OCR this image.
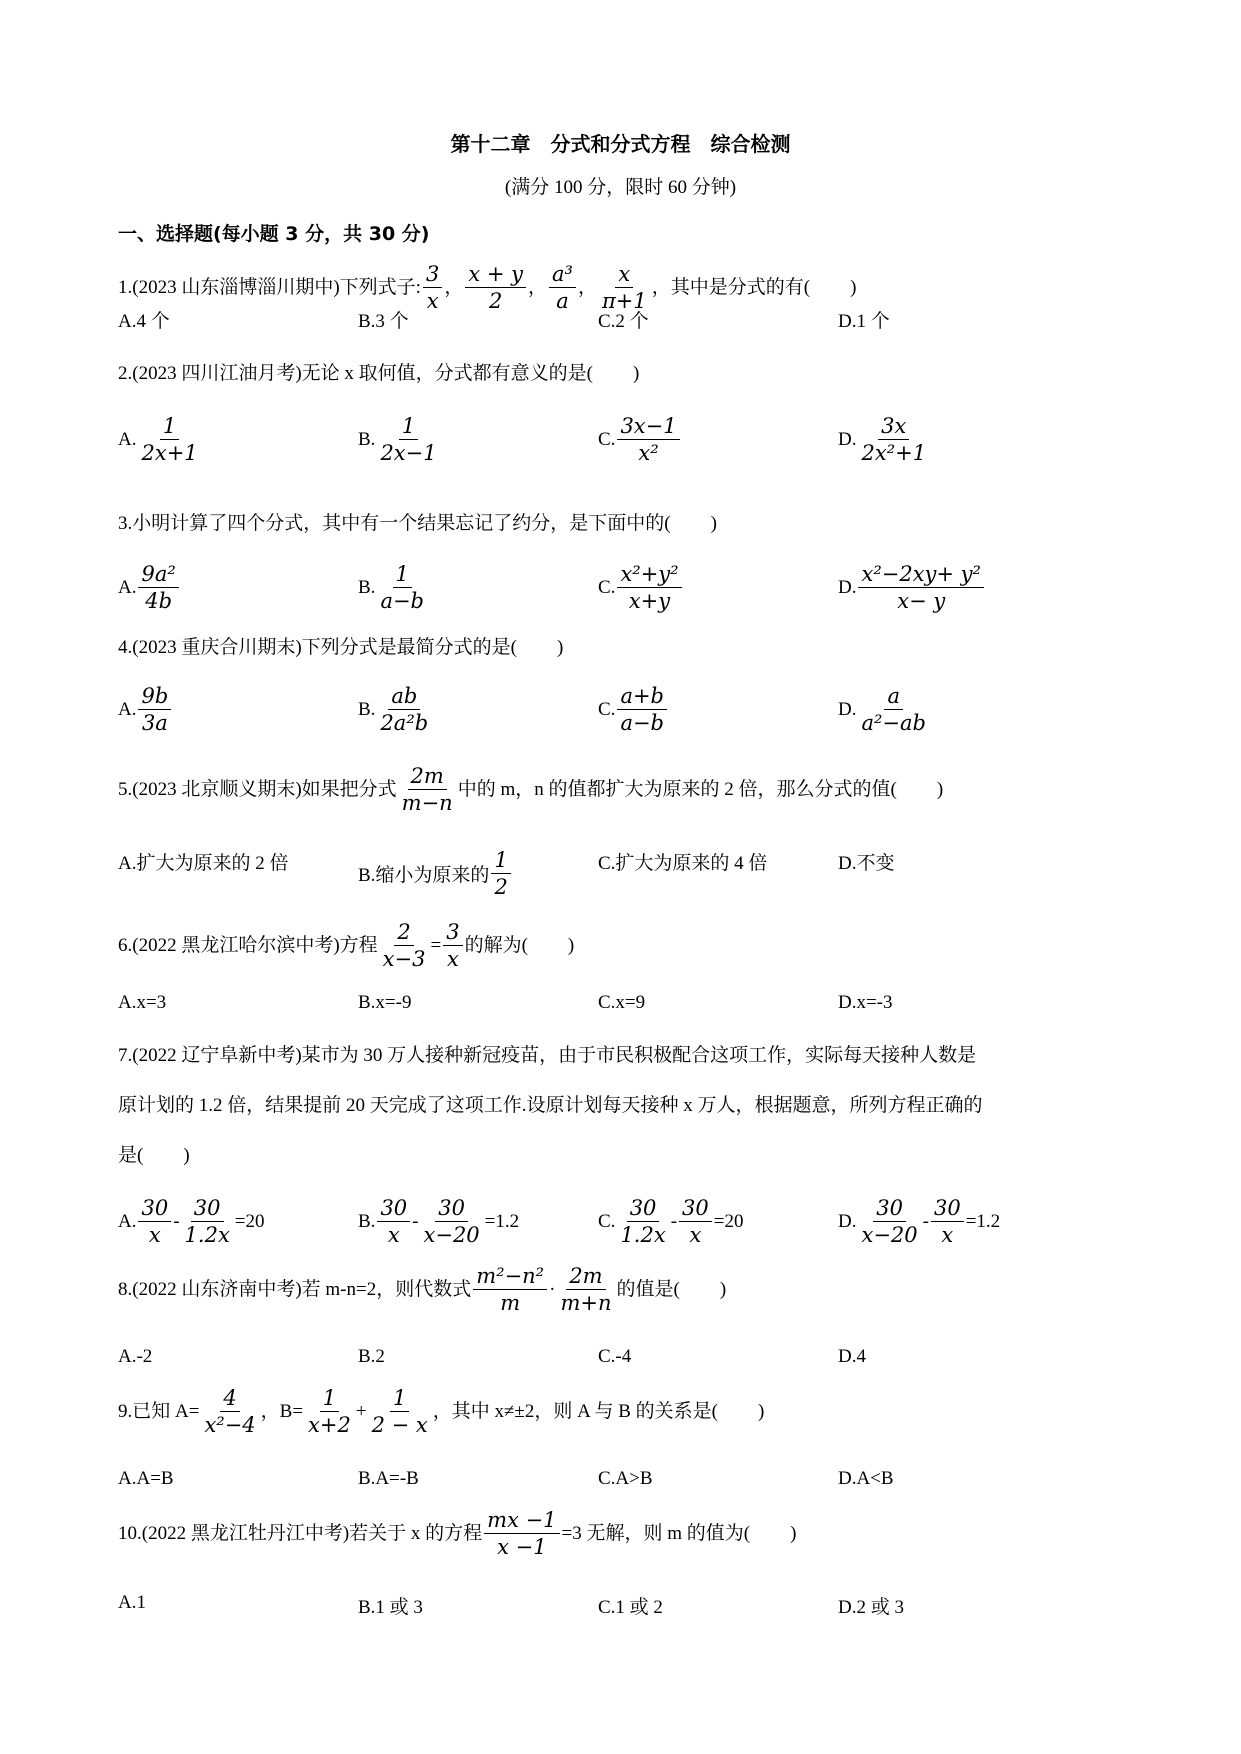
第十二章　分式和分式方程　综合检测
(满分 100 分，限时 60 分钟)
一、选择题(每小题 3 分，共 30 分)
1.(2023 山东淄博淄川期中)下列式子: $\frac{3}{x}$ ， $\frac{x + y}{2}$ ， $\frac{\text{a³}}{a}$ ， $\frac{x}{\pi+1}$ ，其中是分式的有( )
A.4 个	B.3 个	C.2 个	D.1 个
2.(2023 四川江油月考)无论 x 取何值，分式都有意义的是( )
A. $\frac{1}{2x+1}$	B. $\frac{1}{2x-1}$	C. $\frac{3x-1}{\text{x²}}$	D. $\frac{3x}{\text{2x²+1}}$
3.小明计算了四个分式，其中有一个结果忘记了约分，是下面中的( )
A. $\frac{\text{9a²}}{4b}$	B. $\frac{1}{a-b}$	C. $\frac{\text{x²+y²}}{x+y}$	D. $\frac{\text{x²−2xy+ y²}}{x- y}$
4.(2023 重庆合川期末)下列分式是最简分式的是( )
A. $\frac{9b}{3a}$	B. $\frac{ab}{\text{2a²b}}$	C. $\frac{a+b}{a-b}$	D. $\frac{a}{\text{a²−ab}}$
5.(2023 北京顺义期末)如果把分式 $\frac{2m}{m-n}$ 中的 m，n 的值都扩大为原来的 2 倍，那么分式的值( )
A.扩大为原来的 2 倍
B.缩小为原来的 $\frac{1}{2}$	C.扩大为原来的 4 倍	D.不变
6.(2022 黑龙江哈尔滨中考)方程 $\frac{2}{x-3} = \frac{3}{x}$ 的解为( )
A.x=3	B.x=-9	C.x=9	D.x=-3
7.(2022 辽宁阜新中考)某市为 30 万人接种新冠疫苗，由于市民积极配合这项工作，实际每天接种人数是
原计划的 1.2 倍，结果提前 20 天完成了这项工作.设原计划每天接种 x 万人，根据题意，所列方程正确的
是( )
A. $\frac{30}{x} - \frac{30}{1.2x} =20$	B. $\frac{30}{x} - \frac{30}{x-20} =1.2$	C. $\frac{30}{1.2x} - \frac{30}{x} =20$	D. $\frac{30}{x-20} - \frac{30}{x} =1.2$
8.(2022 山东济南中考)若 m-n=2，则代数式 $\frac{\text{m²−n²}}{m} \cdot \frac{2m}{m+n}$ 的值是( )
A.-2	B.2	C.-4	D.4
9.已知 $A= \frac{4}{\text{x²−4}}$ ，$B= \frac{1}{x+2} + \frac{1}{2 - x}$ ，其中 x≠±2，则 A 与 B 的关系是( )
A.A=B	B.A=-B	C.A>B	D.A<B
10.(2022 黑龙江牡丹江中考)若关于 x 的方程 $\frac{mx -1}{x -1} =3$ 无解，则 m 的值为( )
A.1	B.1 或 3	C.1 或 2	D.2 或 3
